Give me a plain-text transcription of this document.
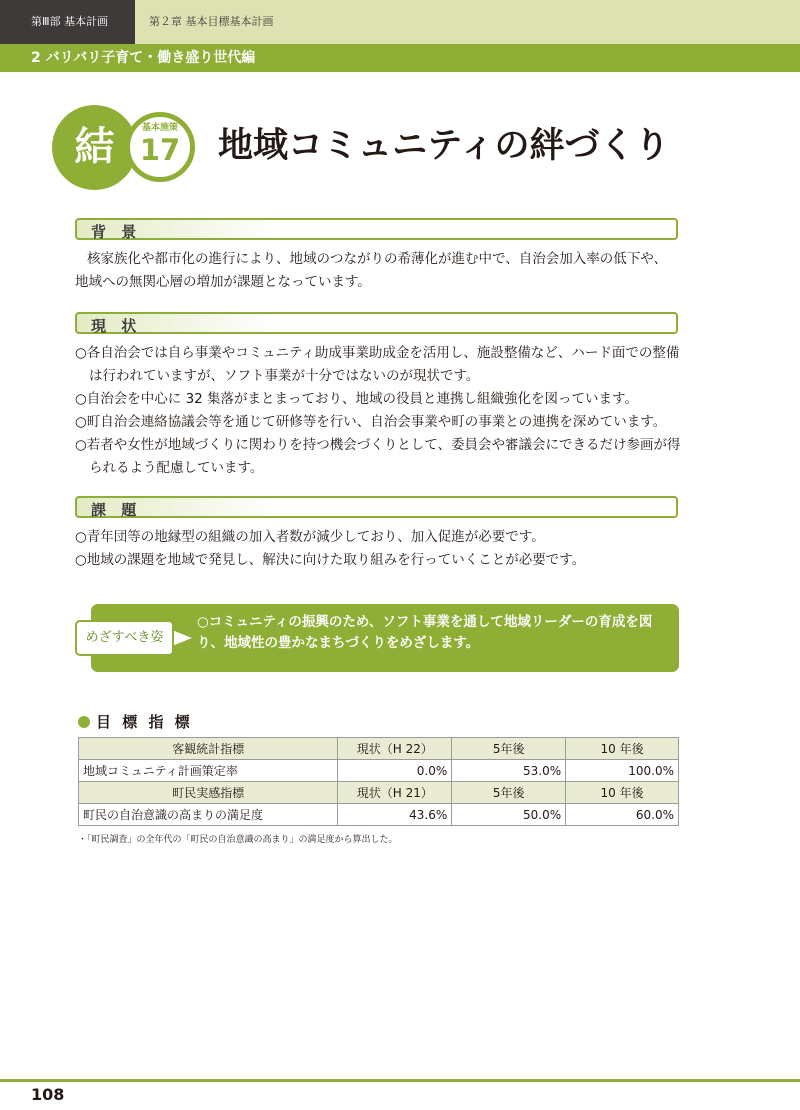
第Ⅲ部 基本計画	第２章 基本目標基本計画
2 バリバリ子育て・働き盛り世代編
結	基本施策
17 地域コミュニティの絆づくり
背 景
核家族化や都市化の進行により、地域のつながりの希薄化が進む中で、自治会加入率の低下や、
地域への無関心層の増加が課題となっています。
現 状
○各自治会では自ら事業やコミュニティ助成事業助成金を活用し、施設整備など、ハード面での整備は行われていますが、ソフト事業が十分ではないのが現状です。
○自治会を中心に 32 集落がまとまっており、地域の役員と連携し組織強化を図っています。
○町自治会連絡協議会等を通じて研修等を行い、自治会事業や町の事業との連携を深めています。
○若者や女性が地域づくりに関わりを持つ機会づくりとして、委員会や審議会にできるだけ参画が得られるよう配慮しています。
課 題
○青年団等の地縁型の組織の加入者数が減少しており、加入促進が必要です。
○地域の課題を地域で発見し、解決に向けた取り組みを行っていくことが必要です。
○コミュニティの振興のため、ソフト事業を通して地域リーダーの育成を図り、地域性の豊かなまちづくりをめざします。
めざすべき姿
目 標 指 標
客観統計指標	現状（H 22）	5年後	10 年後
地域コミュニティ計画策定率	0.0%	53.0%	100.0%
町民実感指標	現状（H 21）	5年後	10 年後
町民の自治意識の高まりの満足度	43.6%	50.0%	60.0%
・「町民調査」の全年代の「町民の自治意識の高まり」の満足度から算出した。
108
